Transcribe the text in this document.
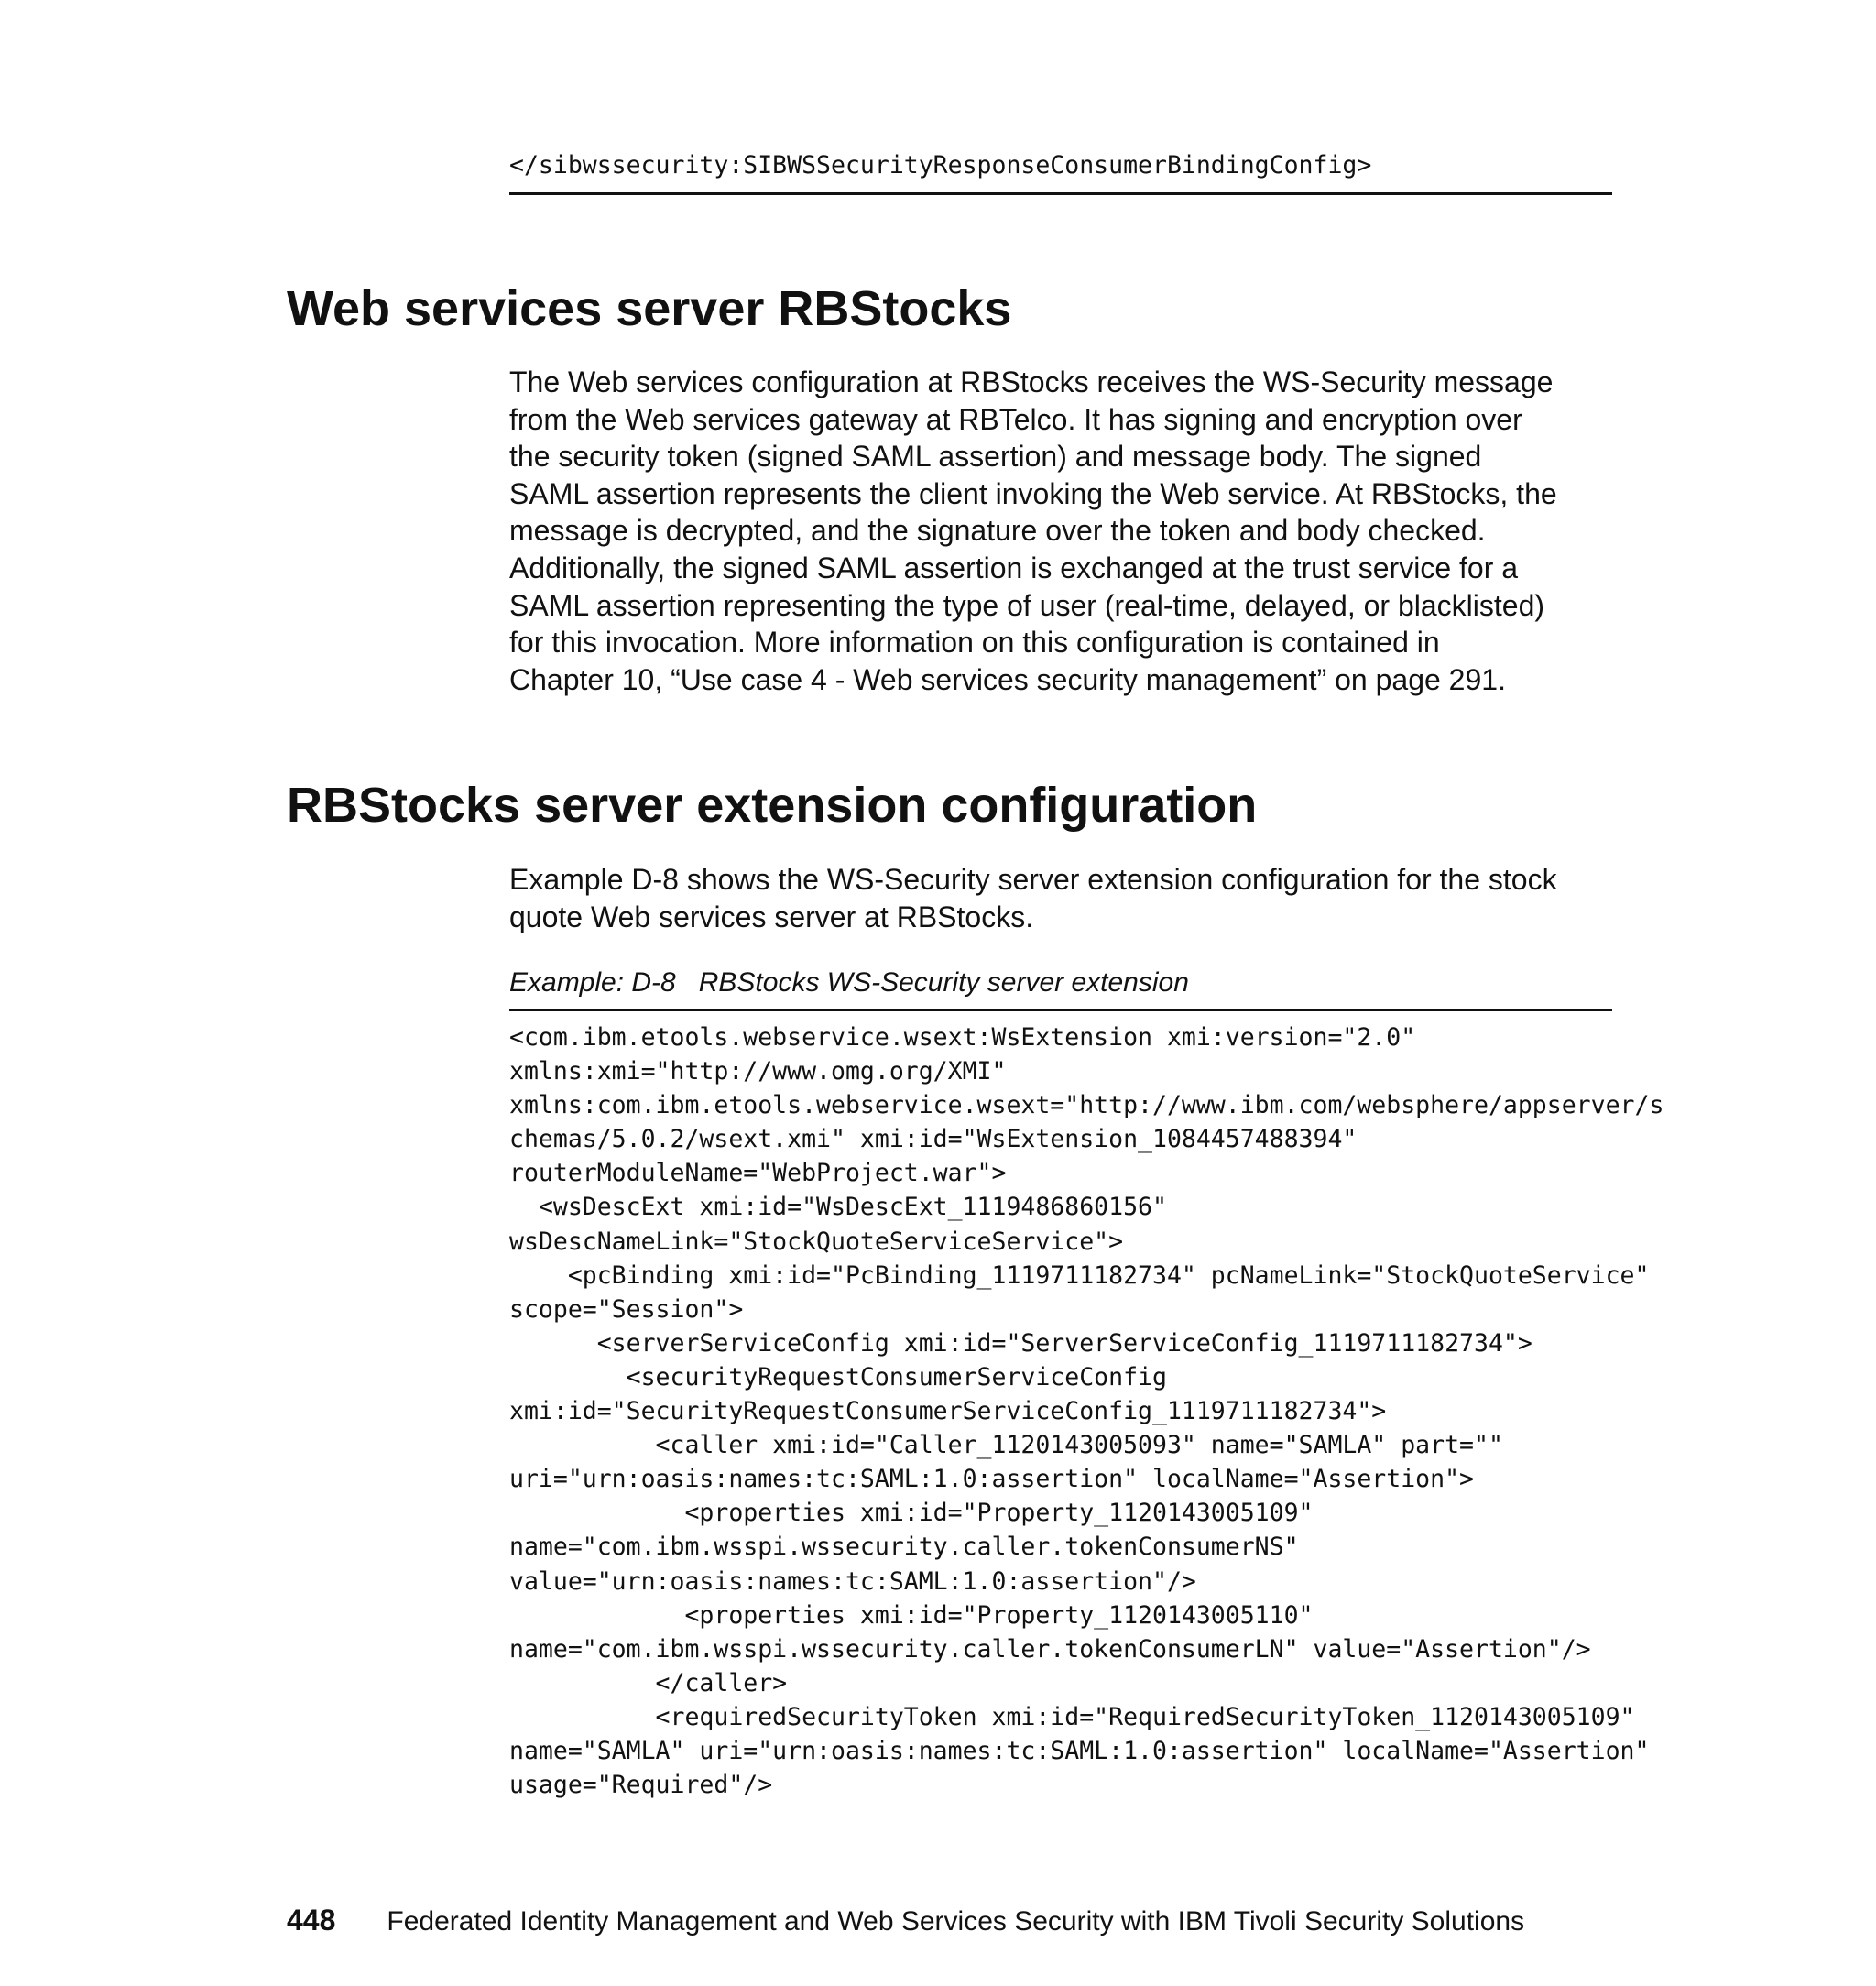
</sibwssecurity:SIBWSSecurityResponseConsumerBindingConfig>
Web services server RBStocks

The Web services configuration at RBStocks receives the WS-Security message
from the Web services gateway at RBTelco. It has signing and encryption over
the security token (signed SAML assertion) and message body. The signed
SAML assertion represents the client invoking the Web service. At RBStocks, the
message is decrypted, and the signature over the token and body checked.
Additionally, the signed SAML assertion is exchanged at the trust service for a
SAML assertion representing the type of user (real-time, delayed, or blacklisted)
for this invocation. More information on this configuration is contained in
Chapter 10, “Use case 4 - Web services security management” on page 291.

RBStocks server extension configuration

Example D-8 shows the WS-Security server extension configuration for the stock
quote Web services server at RBStocks.

Example: D-8   RBStocks WS-Security server extension
<com.ibm.etools.webservice.wsext:WsExtension xmi:version="2.0"
xmlns:xmi="http://www.omg.org/XMI"
xmlns:com.ibm.etools.webservice.wsext="http://www.ibm.com/websphere/appserver/s
chemas/5.0.2/wsext.xmi" xmi:id="WsExtension_1084457488394"
routerModuleName="WebProject.war">
<wsDescExt xmi:id="WsDescExt_1119486860156"
wsDescNameLink="StockQuoteServiceService">
<pcBinding xmi:id="PcBinding_1119711182734" pcNameLink="StockQuoteService"
scope="Session">
<serverServiceConfig xmi:id="ServerServiceConfig_1119711182734">
<securityRequestConsumerServiceConfig
xmi:id="SecurityRequestConsumerServiceConfig_1119711182734">
<caller xmi:id="Caller_1120143005093" name="SAMLA" part=""
uri="urn:oasis:names:tc:SAML:1.0:assertion" localName="Assertion">
<properties xmi:id="Property_1120143005109"
name="com.ibm.wsspi.wssecurity.caller.tokenConsumerNS"
value="urn:oasis:names:tc:SAML:1.0:assertion"/>
<properties xmi:id="Property_1120143005110"
name="com.ibm.wsspi.wssecurity.caller.tokenConsumerLN" value="Assertion"/>
</caller>
<requiredSecurityToken xmi:id="RequiredSecurityToken_1120143005109"
name="SAMLA" uri="urn:oasis:names:tc:SAML:1.0:assertion" localName="Assertion"
usage="Required"/>
448 Federated Identity Management and Web Services Security with IBM Tivoli Security Solutions
